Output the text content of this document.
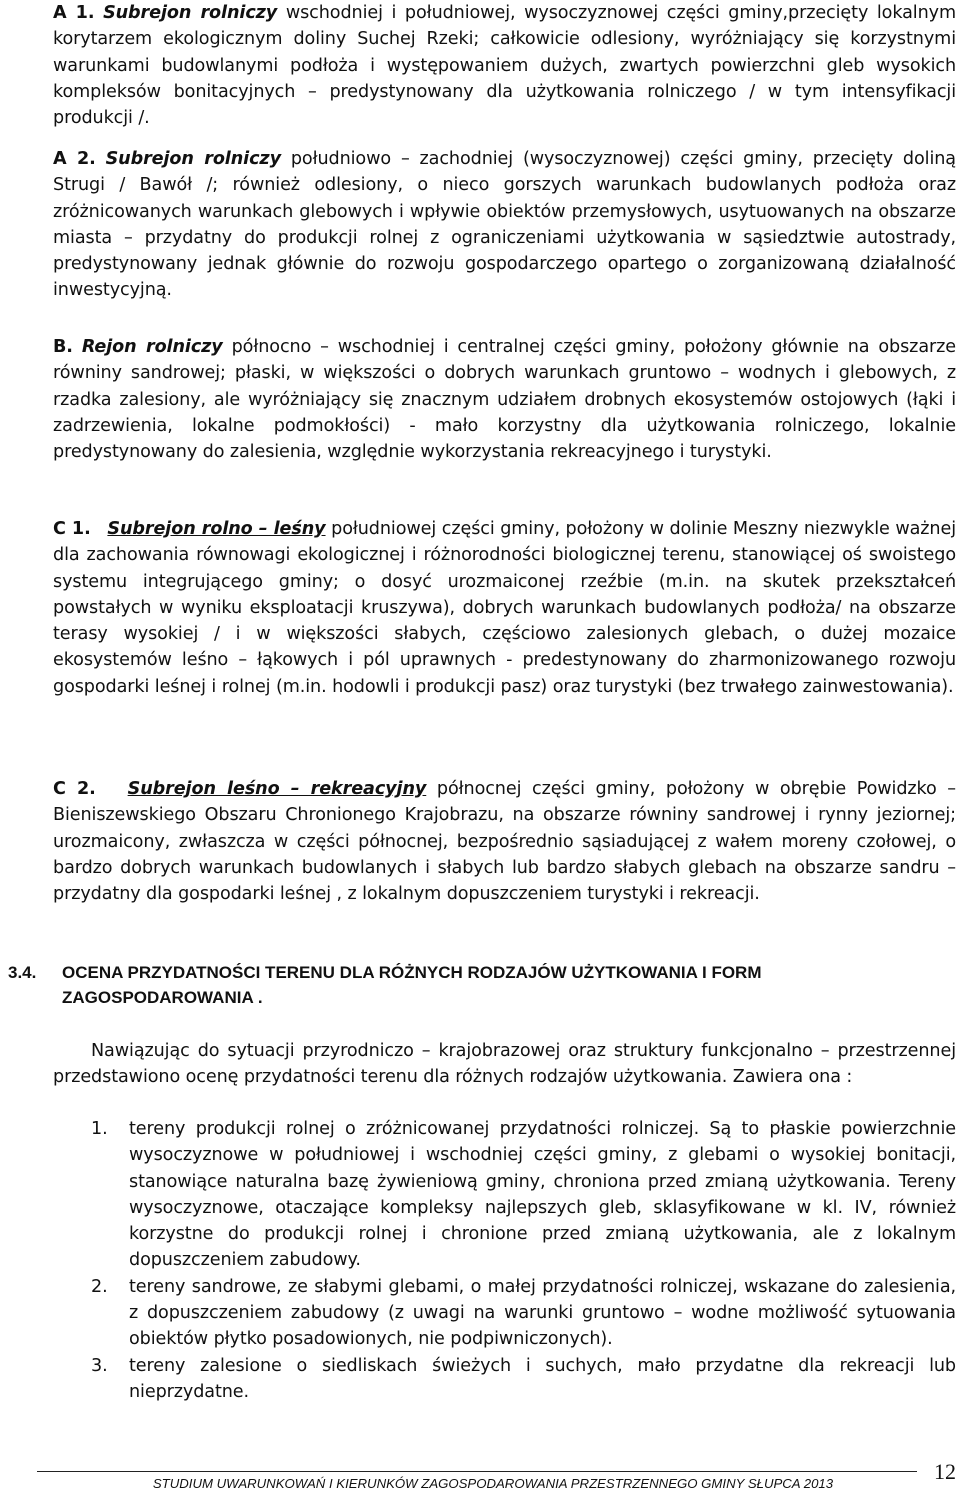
A 1. Subrejon rolniczy wschodniej i południowej, wysoczyznowej części gminy,przecięty lokalnym korytarzem ekologicznym doliny Suchej Rzeki; całkowicie odlesiony, wyróżniający się korzystnymi warunkami budowlanymi podłoża i występowaniem dużych, zwartych powierzchni gleb wysokich kompleksów bonitacyjnych – predystynowany dla użytkowania rolniczego / w tym intensyfikacji produkcji /.

A 2. Subrejon rolniczy południowo – zachodniej (wysoczyznowej) części gminy, przecięty doliną Strugi / Bawół /; również odlesiony, o nieco gorszych warunkach budowlanych podłoża oraz zróżnicowanych warunkach glebowych i wpływie obiektów przemysłowych, usytuowanych na obszarze miasta – przydatny do produkcji rolnej z ograniczeniami użytkowania w sąsiedztwie autostrady, predystynowany jednak głównie do rozwoju gospodarczego opartego o zorganizowaną działalność inwestycyjną.

B. Rejon rolniczy północno – wschodniej i centralnej części gminy, położony głównie na obszarze równiny sandrowej; płaski, w większości o dobrych warunkach gruntowo – wodnych i glebowych, z rzadka zalesiony, ale wyróżniający się znacznym udziałem drobnych ekosystemów ostojowych (łąki i zadrzewienia, lokalne podmokłości) - mało korzystny dla użytkowania rolniczego, lokalnie predystynowany do zalesienia, względnie wykorzystania rekreacyjnego i turystyki.

C 1. Subrejon rolno – leśny południowej części gminy, położony w dolinie Meszny niezwykle ważnej dla zachowania równowagi ekologicznej i różnorodności biologicznej terenu, stanowiącej oś swoistego systemu integrującego gminy; o dosyć urozmaiconej rzeźbie (m.in. na skutek przekształceń powstałych w wyniku eksploatacji kruszywa), dobrych warunkach budowlanych podłoża/ na obszarze terasy wysokiej / i w większości słabych, częściowo zalesionych glebach, o dużej mozaice ekosystemów leśno – łąkowych i pól uprawnych - predestynowany do zharmonizowanego rozwoju gospodarki leśnej i rolnej (m.in. hodowli i produkcji pasz) oraz turystyki (bez trwałego zainwestowania).

C 2. Subrejon leśno – rekreacyjny północnej części gminy, położony w obrębie Powidzko – Bieniszewskiego Obszaru Chronionego Krajobrazu, na obszarze równiny sandrowej i rynny jeziornej; urozmaicony, zwłaszcza w części północnej, bezpośrednio sąsiadującej z wałem moreny czołowej, o bardzo dobrych warunkach budowlanych i słabych lub bardzo słabych glebach na obszarze sandru – przydatny dla gospodarki leśnej , z lokalnym dopuszczeniem turystyki i rekreacji.

3.4. OCENA PRZYDATNOŚCI TERENU DLA RÓŻNYCH RODZAJÓW UŻYTKOWANIA I FORM
ZAGOSPODAROWANIA .

Nawiązując do sytuacji przyrodniczo – krajobrazowej oraz struktury funkcjonalno – przestrzennej przedstawiono ocenę przydatności terenu dla różnych rodzajów użytkowania. Zawiera ona :

1. tereny produkcji rolnej o zróżnicowanej przydatności rolniczej. Są to płaskie powierzchnie wysoczyznowe w południowej i wschodniej części gminy, z glebami o wysokiej bonitacji, stanowiące naturalna bazę żywieniową gminy, chroniona przed zmianą użytkowania. Tereny wysoczyznowe, otaczające kompleksy najlepszych gleb, sklasyfikowane w kl. IV, również korzystne do produkcji rolnej i chronione przed zmianą użytkowania, ale z lokalnym dopuszczeniem zabudowy.
2. tereny sandrowe, ze słabymi glebami, o małej przydatności rolniczej, wskazane do zalesienia, z dopuszczeniem zabudowy (z uwagi na warunki gruntowo – wodne możliwość sytuowania obiektów płytko posadowionych, nie podpiwniczonych).
3. tereny zalesione o siedliskach świeżych i suchych, mało przydatne dla rekreacji lub nieprzydatne.

STUDIUM UWARUNKOWAŃ I KIERUNKÓW ZAGOSPODAROWANIA PRZESTRZENNEGO GMINY SŁUPCA 2013	12
